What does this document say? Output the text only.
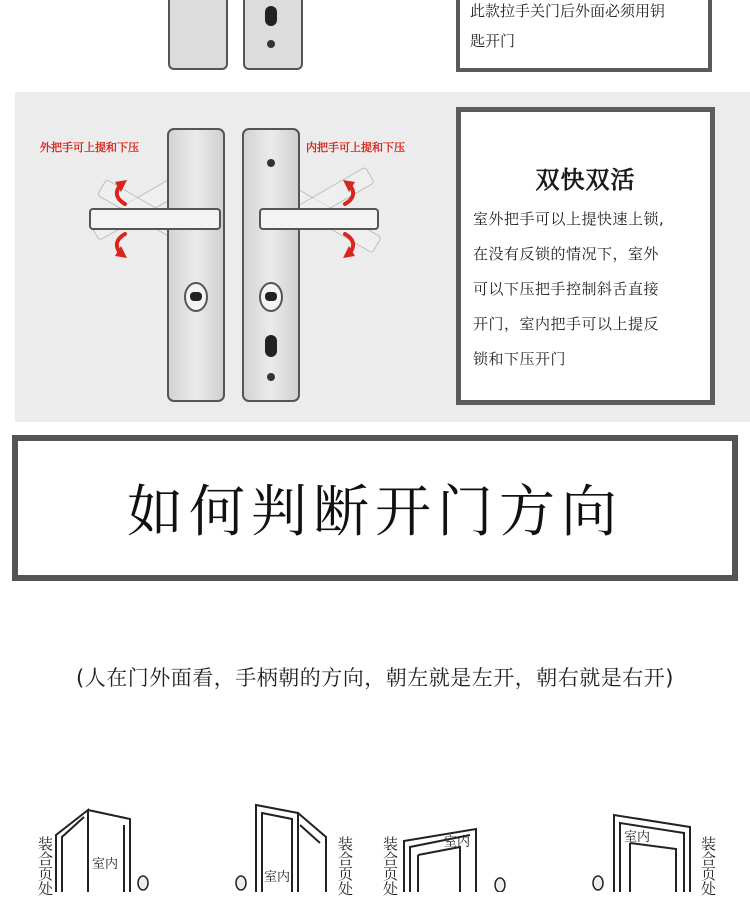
此款拉手关门后外面必须用钥
匙开门
外把手可上提和下压	内把手可上提和下压
双快双活
室外把手可以上提快速上锁,
在没有反锁的情况下，室外
可以下压把手控制斜舌直接
开门，室内把手可以上提反
锁和下压开门
如何判断开门方向
(人在门外面看，手柄朝的方向，朝左就是左开，朝右就是右开)
室内
装合页处
室内
装合页处
室内
装合页处
室内	装合页处
